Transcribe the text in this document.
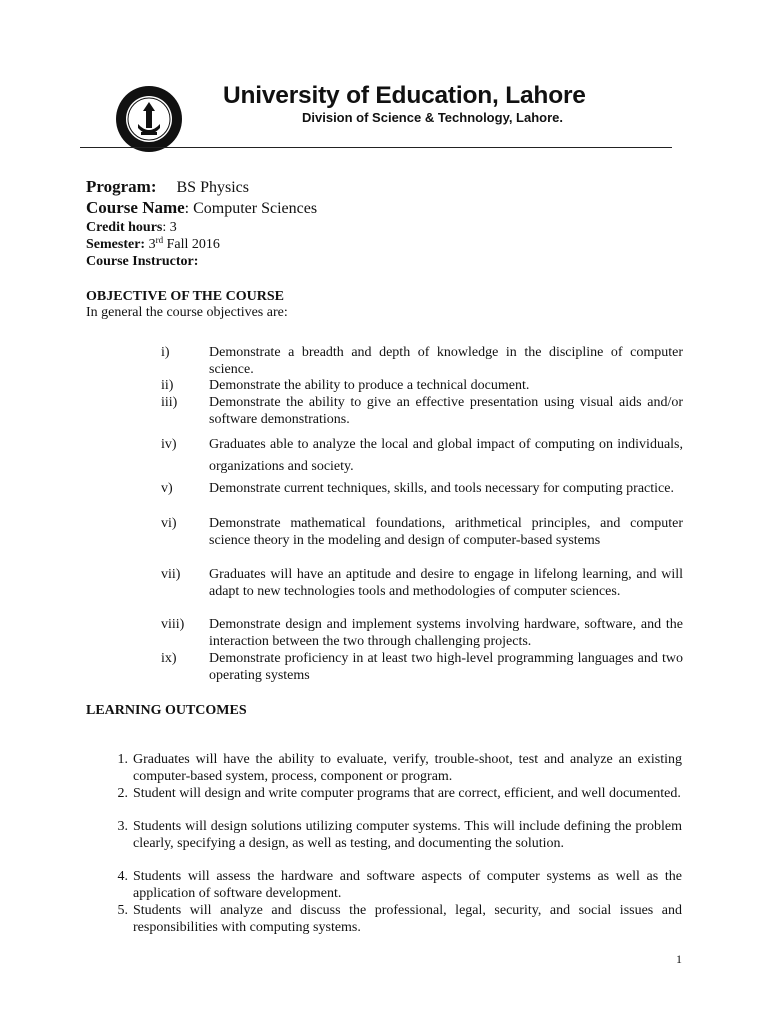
University of Education, Lahore
Division of Science & Technology, Lahore.
Program: BS Physics
Course Name: Computer Sciences
Credit hours: 3
Semester: 3rd Fall 2016
Course Instructor:
OBJECTIVE OF THE COURSE
In general the course objectives are:
i)	Demonstrate a breadth and depth of knowledge in the discipline of computer science.
ii)	Demonstrate the ability to produce a technical document.
iii) Demonstrate the ability to give an effective presentation using visual aids and/or software demonstrations.
iv) Graduates able to analyze the local and global impact of computing on individuals, organizations and society.
v)	Demonstrate current techniques, skills, and tools necessary for computing practice.
vi) Demonstrate mathematical foundations, arithmetical principles, and computer science theory in the modeling and design of computer-based systems
vii) Graduates will have an aptitude and desire to engage in lifelong learning, and will adapt to new technologies tools and methodologies of computer sciences.
viii) Demonstrate design and implement systems involving hardware, software, and the interaction between the two through challenging projects.
ix) Demonstrate proficiency in at least two high-level programming languages and two operating systems
LEARNING OUTCOMES
1. Graduates will have the ability to evaluate, verify, trouble-shoot, test and analyze an existing computer-based system, process, component or program.
2. Student will design and write computer programs that are correct, efficient, and well documented.
3. Students will design solutions utilizing computer systems. This will include defining the problem clearly, specifying a design, as well as testing, and documenting the solution.
4. Students will assess the hardware and software aspects of computer systems as well as the application of software development.
5. Students will analyze and discuss the professional, legal, security, and social issues and responsibilities with computing systems.
1
